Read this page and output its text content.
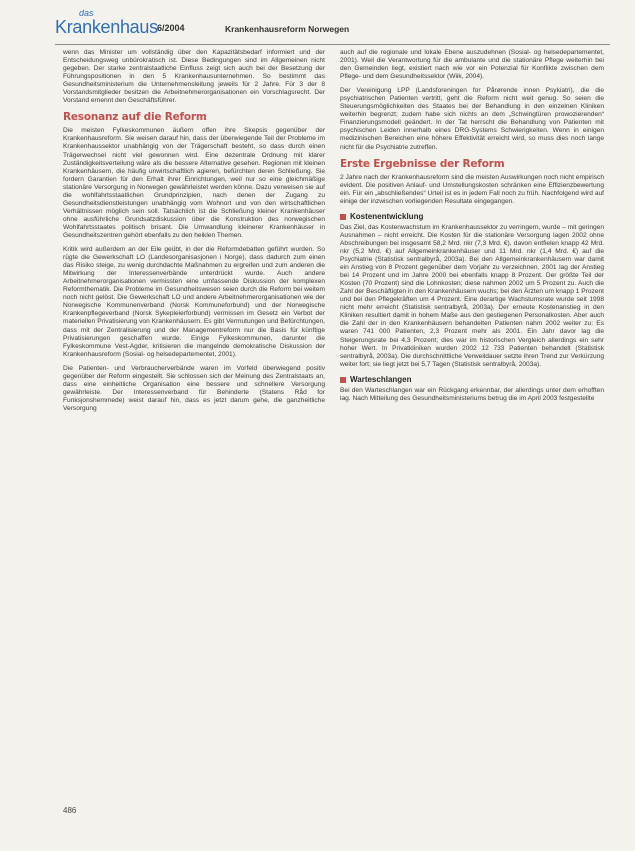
das
Krankenhaus 6/2004	Krankenhausreform Norwegen

wenn das Minister um vollständig über den Kapazitätsbedarf informiert und der Entscheidungsweg unbürokratisch ist. Diese Bedingungen sind im Allgemeinen nicht gegeben. Der starke zentralstaatliche Einfluss zeigt sich auch bei der Besetzung der Führungspositionen in den 5 Krankenhausunternehmen. So bestimmt das Gesundheitsministerium die Unternehmensleitung jeweils für 2 Jahre. Für 3 der 8 Vorstandsmitglieder besitzen die Arbeitnehmerorganisationen ein Vorschlagsrecht. Der Vorstand ernennt den Geschäftsführer.

Resonanz auf die Reform

Die meisten Fylkeskommunen äußern offen ihre Skepsis gegenüber der Krankenhausreform. Sie weisen darauf hin, dass der überwiegende Teil der Probleme im Krankenhaussektor unabhängig von der Trägerschaft besteht, so dass durch einen Trägerwechsel nicht viel gewonnen wird. Eine dezentrale Ordnung mit klarer Zuständigkeitsverteilung wäre als die bessere Alternative gesehen. Regionen mit kleinen Krankenhäusern, die häufig unwirtschaftlich agieren, befürchten deren Schließung. Sie fordern Garantien für den Erhalt ihrer Einrichtungen, weil nur so eine gleichmäßige stationäre Versorgung in Norwegen gewährleistet werden könne. Dazu verweisen sie auf die wohlfahrtsstaatlichen Grundprinzipien, nach denen der Zugang zu Gesundheitsdienstleistungen unabhängig vom Wohnort und von den wirtschaftlichen Verhältnissen möglich sein soll. Tatsächlich ist die Schließung kleiner Krankenhäuser ohne ausführliche Grundsatzdiskussion über die Konstruktion des norwegischen Wohlfahrtsstaates politisch brisant. Die Umwandlung kleinerer Krankenhäuser in Gesundheitszentren gehört ebenfalls zu den heiklen Themen.

Kritik wird außerdem an der Eile geübt, in der die Reformdebatten geführt wurden. So rügte die Gewerkschaft LO (Landesorganisasjonen i Norge), dass dadurch zum einen das Risiko steige, zu wenig durchdachte Maßnahmen zu ergreifen und zum anderen die Mitwirkung der Interessenverbände unterdrückt wurde. Auch andere Arbeitnehmerorganisationen vermissten eine umfassende Diskussion der komplexen Reformthematik. Die Probleme im Gesundheitswesen seien durch die Reform bei weitem noch nicht gelöst. Die Gewerkschaft LO und andere Arbeitnehmerorganisationen wie der Norwegische Kommunenverband (Norsk Kommuneforbund) und der Norwegische Krankenpflegeverband (Norsk Sykepleierforbund) vermissen im Gesetz ein Verbot der materiellen Privatisierung von Krankenhäusern. Es gibt Vermutungen und Befürchtungen, dass mit der Zentralisierung und der Managementreform nur die Basis für künftige Privatisierungen geschaffen wurde. Einige Fylkeskommunen, darunter die Fylkeskommune Vest-Agder, kritisieren die mangelnde demokratische Diskussion der Krankenhausreform (Sosial- og helsedepartementet, 2001).

Die Patienten- und Verbraucherverbände waren im Vorfeld überwiegend positiv gegenüber der Reform eingestellt. Sie schlossen sich der Meinung des Zentralstaats an, dass eine einheitliche Organisation eine bessere und schnellere Versorgung gewährleiste. Der Interessenverband für Behinderte (Statens Råd for Funksjonshemmede) weist darauf hin, dass es jetzt darum gehe, die ganzheitliche Versorgung

auch auf die regionale und lokale Ebene auszudehnen (Sosial- og helsedepartementet, 2001). Weil die Verantwortung für die ambulante und die stationäre Pflege weiterhin bei den Gemeinden liegt, existiert nach wie vor ein Potenzial für Konflikte zwischen dem Pflege- und dem Gesundheitssektor (Wiik, 2004).

Der Vereinigung LPP (Landsforeningen for Pårørende innen Psykiatri), die die psychiatrischen Patienten vertritt, geht die Reform nicht weit genug. So seien die Steuerungsmöglichkeiten des Staates bei der Behandlung in den einzelnen Kliniken weiterhin begrenzt; zudem habe sich nichts an dem „Schwingtüren prowozierenden“ Finanzierungsmodell geändert. In der Tat herrscht die Behandlung von Patienten mit psychischen Leiden innerhalb eines DRG-Systems Schwierigkeiten. Wenn in einigen medizinischen Bereichen eine höhere Effektivität erreicht wird, so muss dies noch lange nicht für die Psychiatrie zutreffen.

Erste Ergebnisse der Reform

2 Jahre nach der Krankenhausreform sind die meisten Auswirkungen noch nicht empirisch evident. Die positiven Anlauf- und Umstellungskosten schränken eine Effizienzbewertung ein. Für ein „abschließendes“ Urteil ist es in jedem Fall noch zu früh. Nachfolgend wird auf einige der inzwischen vorliegenden Resultate eingegangen.

Kostenentwicklung

Das Ziel, das Kostenwachstum im Krankenhaussektor zu verringern, wurde – mit geringen Ausnahmen – nicht erreicht. Die Kosten für die stationäre Versorgung lagen 2002 ohne Abschreibungen bei insgesamt 58,2 Mrd. nkr (7,3 Mrd. €), davon entfielen knapp 42 Mrd. nkr (5,2 Mrd. €) auf Allgemeinkrankenhäuser und 11 Mrd. nkr (1,4 Mrd. €) auf die Psychiatrie (Statistisk sentralbyrå, 2003a). Bei den Allgemeinkrankenhäusern war damit ein Anstieg von 8 Prozent gegenüber dem Vorjahr zu verzeichnen. 2001 lag der Anstieg bei 14 Prozent und im Jahre 2000 bei ebenfalls knapp 8 Prozent. Der größte Teil der Kosten (70 Prozent) sind die Lohnkosten; diese nahmen 2002 um 5 Prozent zu. Auch die Zahl der Beschäftigten in den Krankenhäusern wuchs; bei den Ärzten um knapp 1 Prozent und bei den Pflegekräften um 4 Prozent. Eine derartige Wachstumsrate wurde seit 1998 nicht mehr erreicht (Statistisk sentralbyrå, 2003a). Der erneute Kostenanstieg in den Kliniken resultiert damit in hohem Maße aus den gestiegenen Personalkosten. Aber auch die Zahl der in den Krankenhäusern behandelten Patienten nahm 2002 weiter zu: Es waren 741 000 Patienten, 2,3 Prozent mehr als 2001. Ein Jahr davor lag die Steigerungsrate bei 4,3 Prozent; dies war im historischen Vergleich allerdings ein sehr hoher Wert. In Privatkliniken wurden 2002 12 733 Patienten behandelt (Statistisk sentralbyrå, 2003a). Die durchschnittliche Verweildauer setzte ihren Trend zur Verkürzung weiter fort; sie liegt jetzt bei 5,7 Tagen (Statistisk sentralbyrå, 2003a).

Warteschlangen

Bei den Warteschlangen war ein Rückgang erkennbar, der allerdings unter dem erhofften lag. Nach Mitteilung des Gesundheitsministeriums betrug die im April 2003 festgestellte

486
